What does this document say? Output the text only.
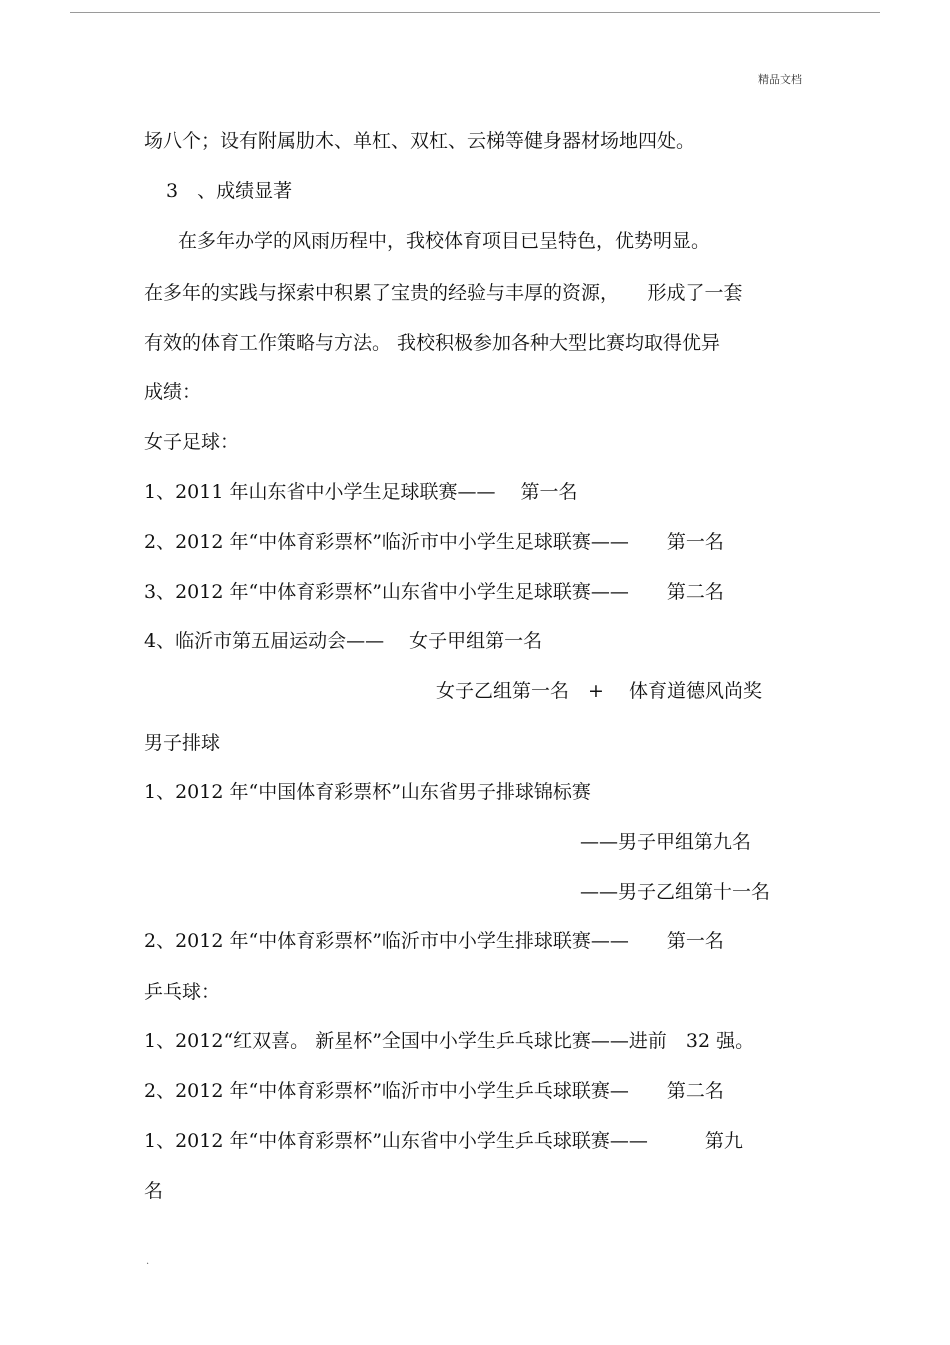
精品文档
场八个；设有附属肋木、单杠、双杠、云梯等健身器材场地四处。
3　、成绩显著
在多年办学的风雨历程中，我校体育项目已呈特色，优势明显。
在多年的实践与探索中积累了宝贵的经验与丰厚的资源，　　形成了一套
有效的体育工作策略与方法。 我校积极参加各种大型比赛均取得优异
成绩：
女子足球：
1、2011 年山东省中小学生足球联赛——　 第一名
2、2012 年“中体育彩票杯”临沂市中小学生足球联赛——　　第一名
3、2012 年“中体育彩票杯”山东省中小学生足球联赛——　　第二名
4、临沂市第五届运动会——　 女子甲组第一名
女子乙组第一名　+　 体育道德风尚奖
男子排球
1、2012 年“中国体育彩票杯”山东省男子排球锦标赛
——男子甲组第九名
——男子乙组第十一名
2、2012 年“中体育彩票杯”临沂市中小学生排球联赛——　　第一名
乒乓球：
1、2012“红双喜。 新星杯”全国中小学生乒乓球比赛——进前　32 强。
2、2012 年“中体育彩票杯”临沂市中小学生乒乓球联赛—　　第二名
1、2012 年“中体育彩票杯”山东省中小学生乒乓球联赛——　　　第九
名
.
